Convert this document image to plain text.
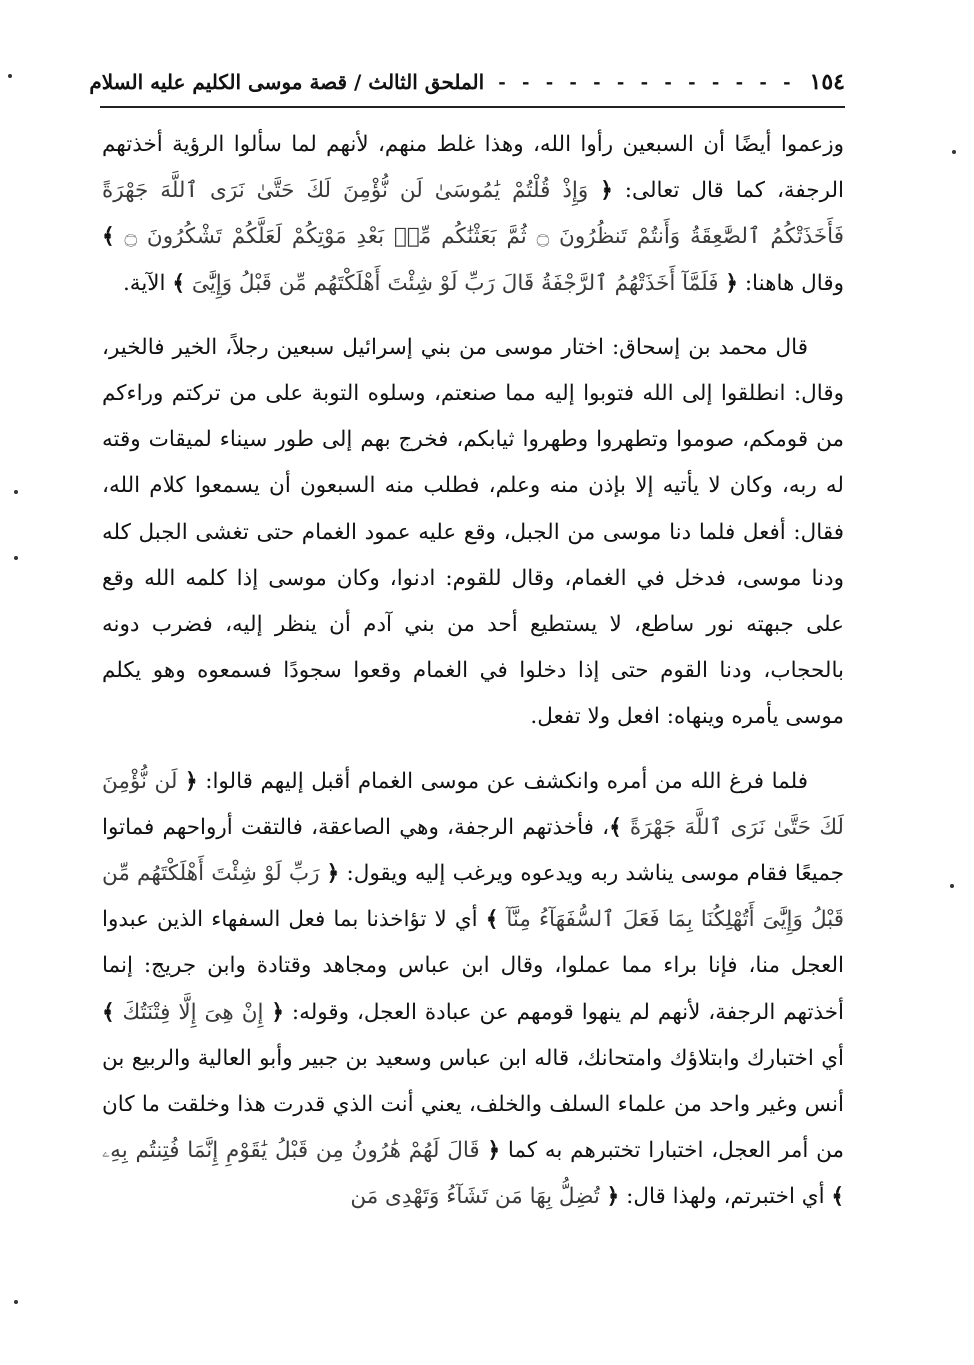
١٥٤
- - - - - - - - - - - - -
الملحق الثالث / قصة موسى الكليم عليه السلام

وزعموا أيضًا أن السبعين رأوا الله، وهذا غلط منهم، لأنهم لما سألوا الرؤية أخذتهم الرجفة، كما قال تعالى: ﴿ وَإِذْ قُلْتُمْ يَٰمُوسَىٰ لَن نُّؤْمِنَ لَكَ حَتَّىٰ نَرَى ٱللَّهَ جَهْرَةً فَأَخَذَتْكُمُ ٱلصَّٰعِقَةُ وَأَنتُمْ تَنظُرُونَ ۝ ثُمَّ بَعَثْنَٰكُم مِّنۢ بَعْدِ مَوْتِكُمْ لَعَلَّكُمْ تَشْكُرُونَ ۝ ﴾ وقال هاهنا: ﴿ فَلَمَّآ أَخَذَتْهُمُ ٱلرَّجْفَةُ قَالَ رَبِّ لَوْ شِئْتَ أَهْلَكْتَهُم مِّن قَبْلُ وَإِيَّٰىَ ﴾ الآية.

قال محمد بن إسحاق: اختار موسى من بني إسرائيل سبعين رجلاً، الخير فالخير، وقال: انطلقوا إلى الله فتوبوا إليه مما صنعتم، وسلوه التوبة على من تركتم وراءكم من قومكم، صوموا وتطهروا وطهروا ثيابكم، فخرج بهم إلى طور سيناء لميقات وقته له ربه، وكان لا يأتيه إلا بإذن منه وعلم، فطلب منه السبعون أن يسمعوا كلام الله، فقال: أفعل فلما دنا موسى من الجبل، وقع عليه عمود الغمام حتى تغشى الجبل كله ودنا موسى، فدخل في الغمام، وقال للقوم: ادنوا، وكان موسى إذا كلمه الله وقع على جبهته نور ساطع، لا يستطيع أحد من بني آدم أن ينظر إليه، فضرب دونه بالحجاب، ودنا القوم حتى إذا دخلوا في الغمام وقعوا سجودًا فسمعوه وهو يكلم موسى يأمره وينهاه: افعل ولا تفعل.

فلما فرغ الله من أمره وانكشف عن موسى الغمام أقبل إليهم قالوا: ﴿ لَن نُّؤْمِنَ لَكَ حَتَّىٰ نَرَى ٱللَّهَ جَهْرَةً ﴾، فأخذتهم الرجفة، وهي الصاعقة، فالتقت أرواحهم فماتوا جميعًا فقام موسى يناشد ربه ويدعوه ويرغب إليه ويقول: ﴿ رَبِّ لَوْ شِئْتَ أَهْلَكْتَهُم مِّن قَبْلُ وَإِيَّٰىَ أَتُهْلِكُنَا بِمَا فَعَلَ ٱلسُّفَهَآءُ مِنَّآ ﴾ أي لا تؤاخذنا بما فعل السفهاء الذين عبدوا العجل منا، فإنا براء مما عملوا، وقال ابن عباس ومجاهد وقتادة وابن جريج: إنما أخذتهم الرجفة، لأنهم لم ينهوا قومهم عن عبادة العجل، وقوله: ﴿ إِنْ هِىَ إِلَّا فِتْنَتُكَ ﴾ أي اختبارك وابتلاؤك وامتحانك، قاله ابن عباس وسعيد بن جبير وأبو العالية والربيع بن أنس وغير واحد من علماء السلف والخلف، يعني أنت الذي قدرت هذا وخلقت ما كان من أمر العجل، اختبارا تختبرهم به كما ﴿ قَالَ لَهُمْ هَٰرُونُ مِن قَبْلُ يَٰقَوْمِ إِنَّمَا فُتِنتُم بِهِۦ ﴾ أي اختبرتم، ولهذا قال: ﴿ تُضِلُّ بِهَا مَن تَشَآءُ وَتَهْدِى مَن
